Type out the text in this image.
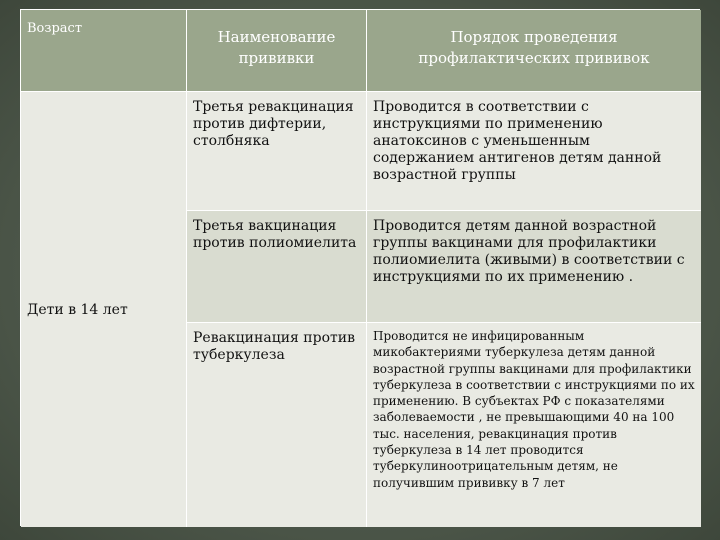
Возраст	Наименование прививки
Порядок проведения профилактических прививок
Дети в 14 лет
Третья ревакцинация против дифтерии, столбняка
Проводится в соответствии с инструкциями по применению анатоксинов с уменьшенным содержанием антигенов детям данной возрастной группы
Третья вакцинация против полиомиелита
Проводится детям данной возрастной группы вакцинами для профилактики полиомиелита (живыми) в соответствии с инструкциями по их применению .
Ревакцинация против туберкулеза
Проводится не инфицированным микобактериями туберкулеза детям данной возрастной группы вакцинами для профилактики туберкулеза в соответствии с инструкциями по их применению. В субъектах РФ с показателями заболеваемости , не превышающими 40 на 100 тыс. населения, ревакцинация против туберкулеза в 14 лет проводится туберкулиноотрицательным детям, не получившим прививку в 7 лет
